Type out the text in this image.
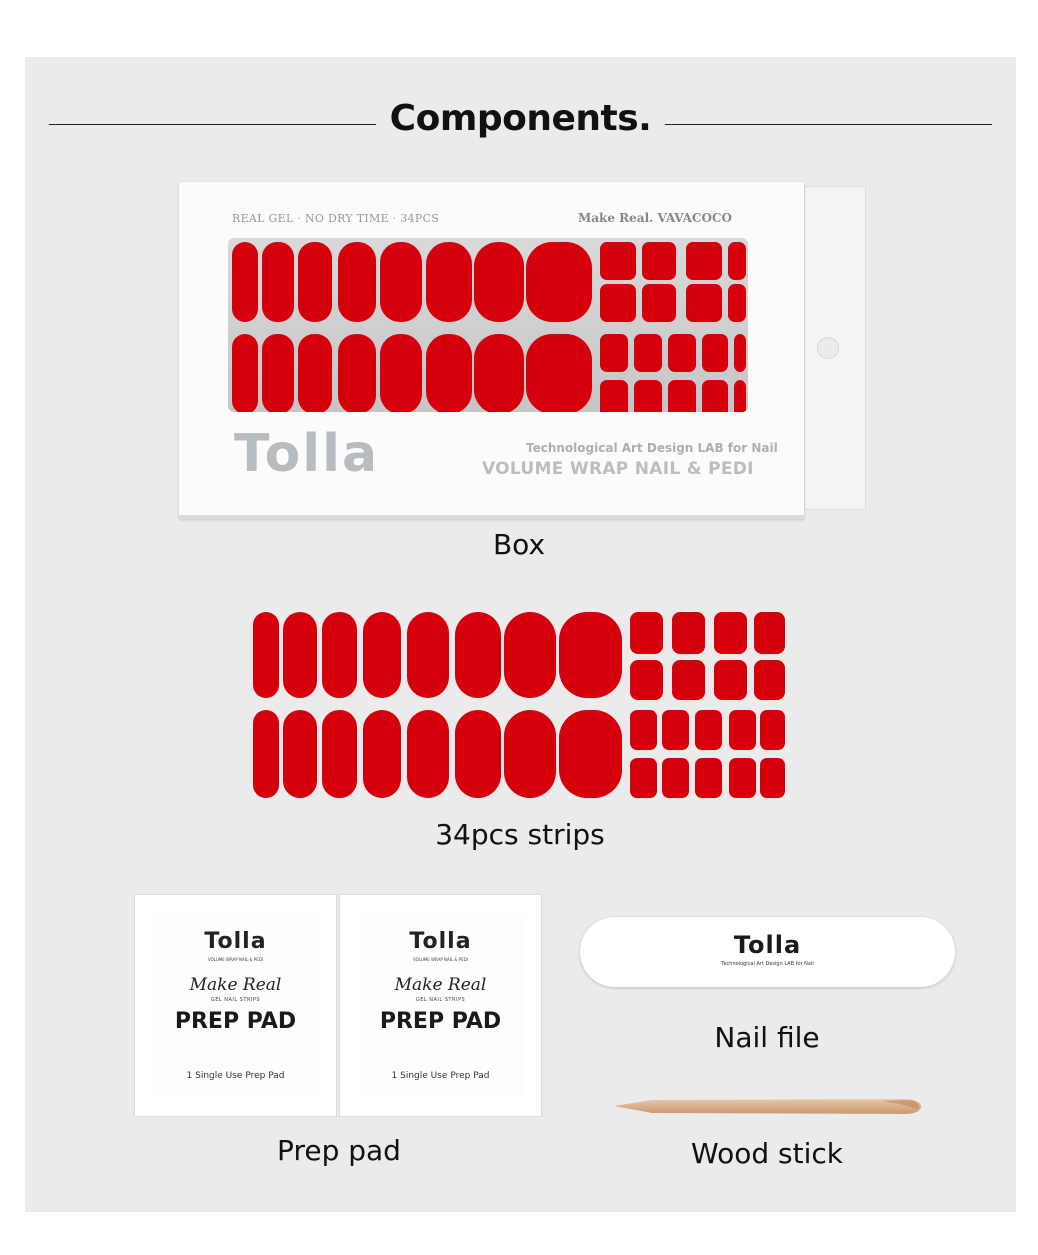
Components.
REAL GEL · NO DRY TIME · 34PCS	Make Real. VAVACOCO
Tolla	Technological Art Design LAB for Nail
VOLUME WRAP NAIL & PEDI
Box
34pcs strips
Tolla
VOLUME WRAP NAIL & PEDI
Make Real
GEL NAIL STRIPS
PREP PAD
1 Single Use Prep Pad
Tolla
VOLUME WRAP NAIL & PEDI
Make Real
GEL NAIL STRIPS
PREP PAD
1 Single Use Prep Pad
Prep pad
Tolla
Technological Art Design LAB for Nail
Nail file
Wood stick
